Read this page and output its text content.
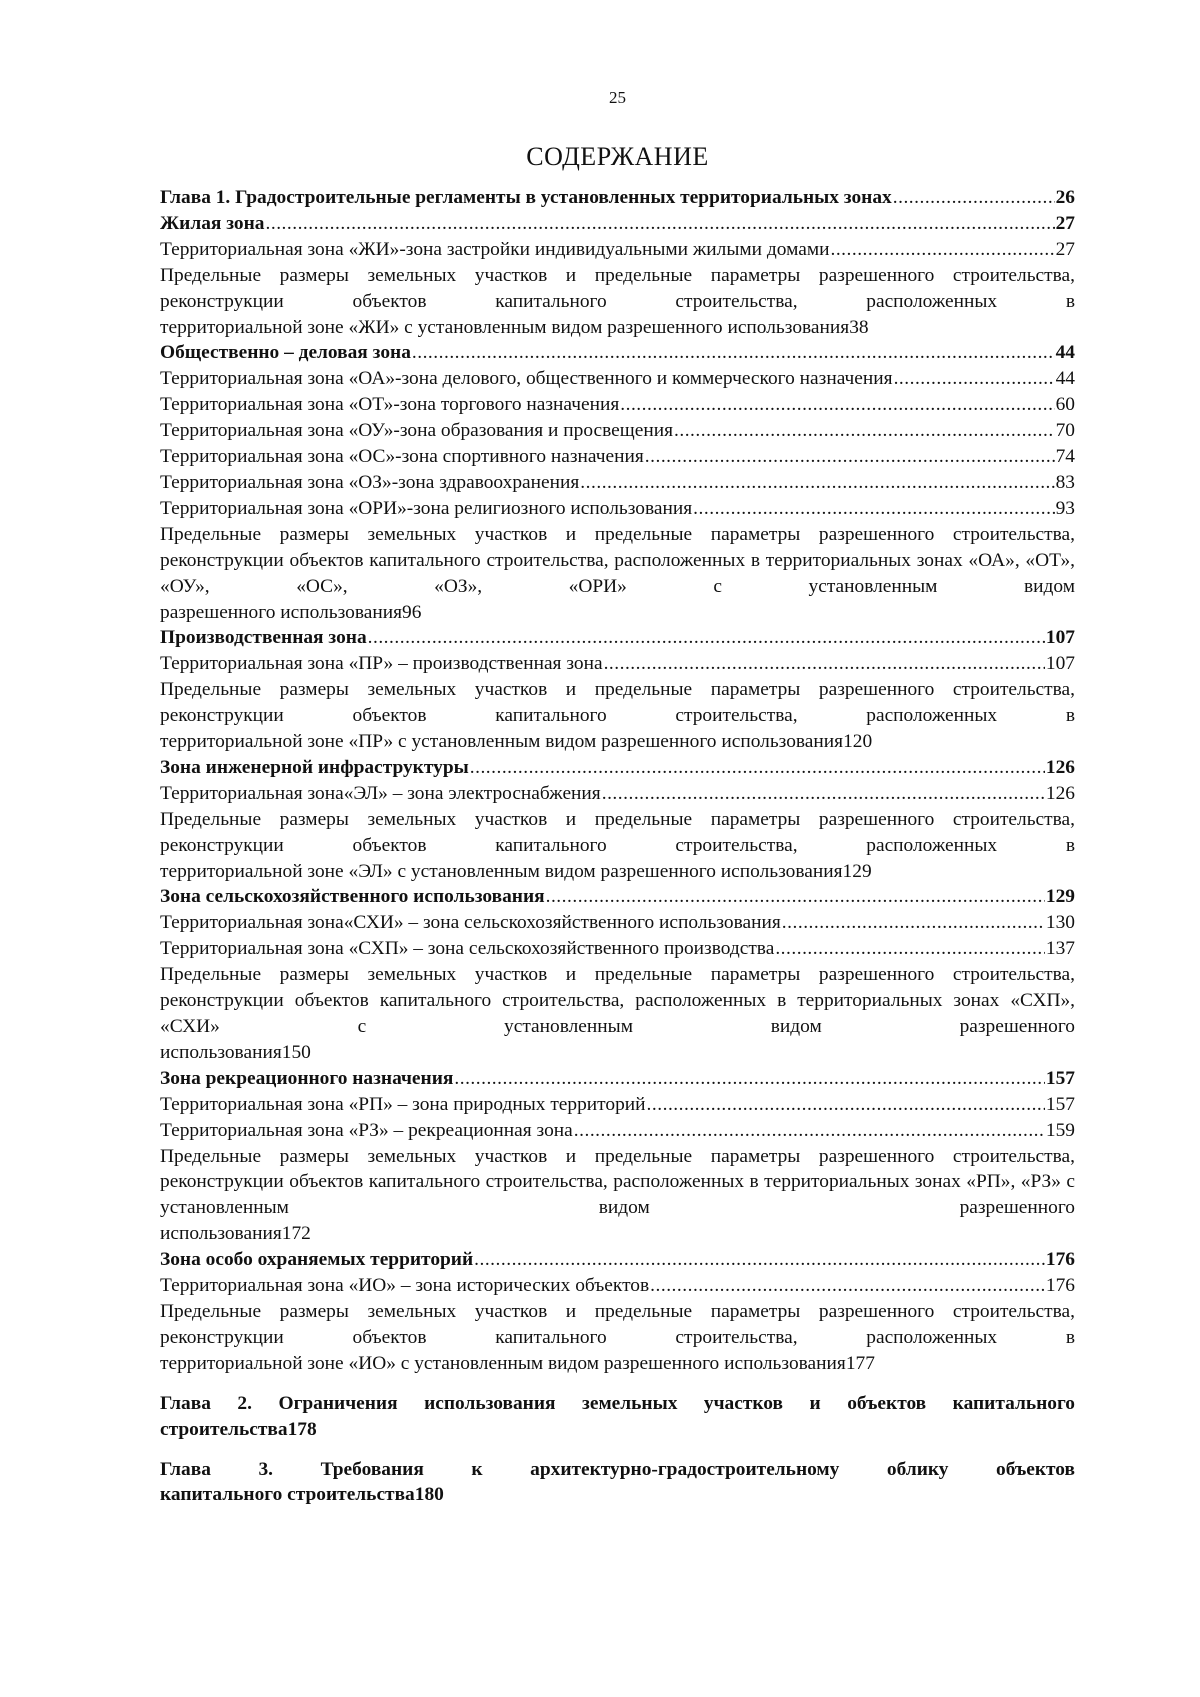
25
СОДЕРЖАНИЕ
Глава 1. Градостроительные регламенты в установленных территориальных зонах .....	26
Жилая зона .....	27
Территориальная зона «ЖИ»-зона застройки индивидуальными жилыми домами .....	27
Предельные размеры земельных участков и предельные параметры разрешенного строительства, реконструкции объектов капитального строительства, расположенных в
территориальной зоне «ЖИ» с установленным видом разрешенного использования 38
Общественно – деловая зона .....	44
Территориальная зона «ОА»-зона делового, общественного и коммерческого назначения .....	44
Территориальная зона «ОТ»-зона торгового назначения .....	60
Территориальная зона «ОУ»-зона образования и просвещения .....	70
Территориальная зона «ОС»-зона спортивного назначения .....	74
Территориальная зона «ОЗ»-зона здравоохранения .....	83
Территориальная зона «ОРИ»-зона религиозного использования .....	93
Предельные размеры земельных участков и предельные параметры разрешенного строительства, реконструкции объектов капитального строительства, расположенных в территориальных зонах «ОА», «ОТ», «ОУ», «ОС», «ОЗ», «ОРИ» с установленным видом
разрешенного использования 96
Производственная зона .....	107
Территориальная зона «ПР» – производственная зона .....	107
Предельные размеры земельных участков и предельные параметры разрешенного строительства, реконструкции объектов капитального строительства, расположенных в
территориальной зоне «ПР» с установленным видом разрешенного использования 120
Зона инженерной инфраструктуры .....	126
Территориальная зона«ЭЛ» – зона электроснабжения .....	126
Предельные размеры земельных участков и предельные параметры разрешенного строительства, реконструкции объектов капитального строительства, расположенных в
территориальной зоне «ЭЛ» с установленным видом разрешенного использования 129
Зона сельскохозяйственного использования .....	129
Территориальная зона«СХИ» – зона сельскохозяйственного использования .....	130
Территориальная зона «СХП» – зона сельскохозяйственного производства .....	137
Предельные размеры земельных участков и предельные параметры разрешенного строительства, реконструкции объектов капитального строительства, расположенных в территориальных зонах «СХП», «СХИ» с установленным видом разрешенного
использования 150
Зона рекреационного назначения .....	157
Территориальная зона «РП» – зона природных территорий .....	157
Территориальная зона «РЗ» – рекреационная зона .....	159
Предельные размеры земельных участков и предельные параметры разрешенного строительства, реконструкции объектов капитального строительства, расположенных в территориальных зонах «РП», «РЗ» с установленным видом разрешенного
использования 172
Зона особо охраняемых территорий .....	176
Территориальная зона «ИО» – зона исторических объектов .....	176
Предельные размеры земельных участков и предельные параметры разрешенного строительства, реконструкции объектов капитального строительства, расположенных в
территориальной зоне «ИО» с установленным видом разрешенного использования 177
Глава 2. Ограничения использования земельных участков и объектов капитального
строительства 178
Глава 3. Требования к архитектурно-градостроительному облику объектов
капитального строительства 180
